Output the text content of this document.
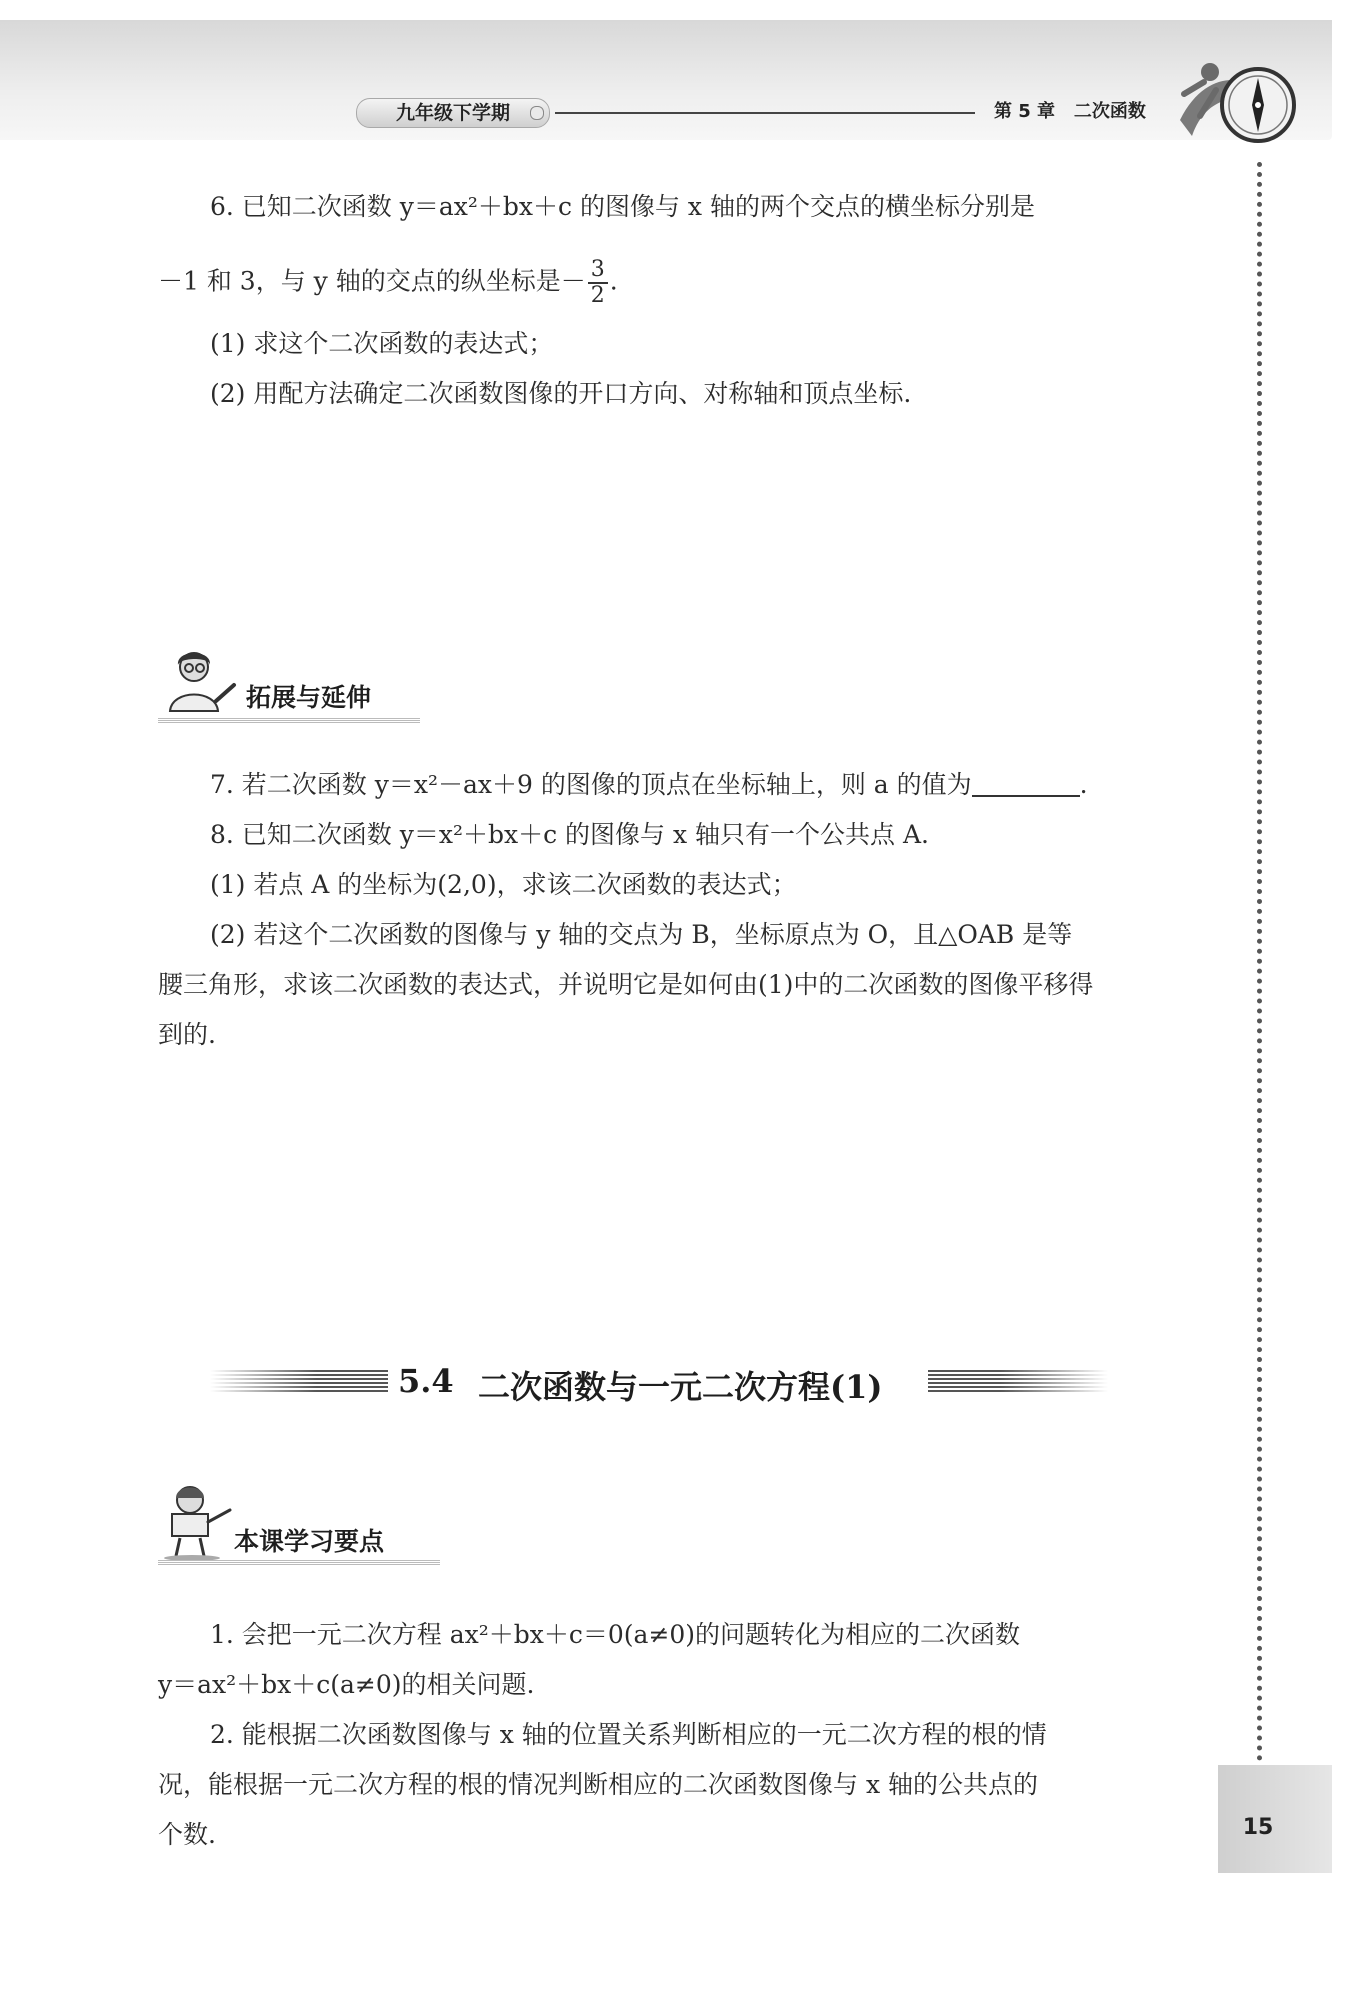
九年级下学期	第 5 章   二次函数
6. 已知二次函数 y＝ax²＋bx＋c 的图像与 x 轴的两个交点的横坐标分别是
－1 和 3，与 y 轴的交点的纵坐标是－ $\frac{3}{2}$ .
(1) 求这个二次函数的表达式；
(2) 用配方法确定二次函数图像的开口方向、对称轴和顶点坐标.
拓展与延伸
7. 若二次函数 y＝x²－ax＋9 的图像的顶点在坐标轴上，则 a 的值为	.
8. 已知二次函数 y＝x²＋bx＋c 的图像与 x 轴只有一个公共点 A.
(1) 若点 A 的坐标为(2,0)，求该二次函数的表达式；
(2) 若这个二次函数的图像与 y 轴的交点为 B，坐标原点为 O，且△OAB 是等
腰三角形，求该二次函数的表达式，并说明它是如何由(1)中的二次函数的图像平移得
到的.
5.4 二次函数与一元二次方程(1)
本课学习要点
1. 会把一元二次方程 ax²＋bx＋c＝0(a≠0)的问题转化为相应的二次函数
y＝ax²＋bx＋c(a≠0)的相关问题.
2. 能根据二次函数图像与 x 轴的位置关系判断相应的一元二次方程的根的情
况，能根据一元二次方程的根的情况判断相应的二次函数图像与 x 轴的公共点的
个数.	15
